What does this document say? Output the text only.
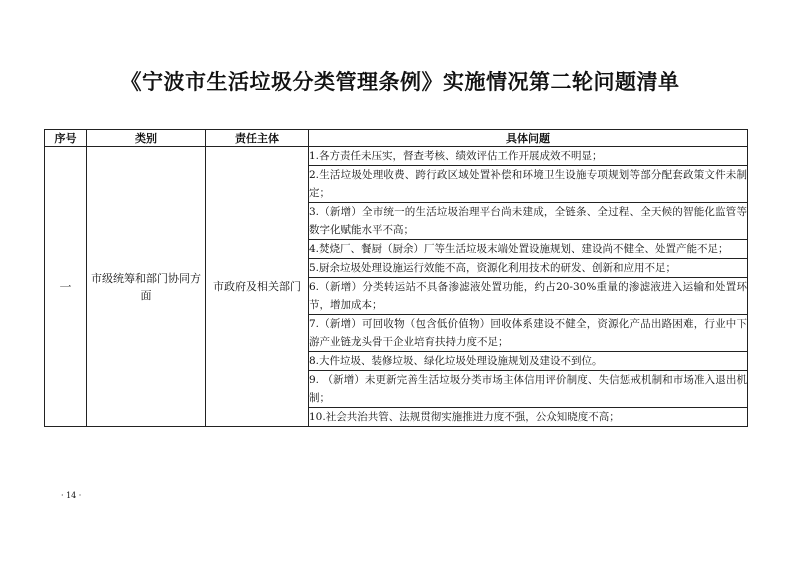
《宁波市生活垃圾分类管理条例》实施情况第二轮问题清单
序号	类别	责任主体	具体问题
一	市级统筹和部门协同方面	市政府及相关部门	1.各方责任未压实，督查考核、绩效评估工作开展成效不明显；
			2.生活垃圾处理收费、跨行政区域处置补偿和环境卫生设施专项规划等部分配套政策文件未制定；
			3.（新增）全市统一的生活垃圾治理平台尚未建成，全链条、全过程、全天候的智能化监管等数字化赋能水平不高；
			4.焚烧厂、餐厨（厨余）厂等生活垃圾末端处置设施规划、建设尚不健全、处置产能不足；
			5.厨余垃圾处理设施运行效能不高，资源化利用技术的研发、创新和应用不足；
			6.（新增）分类转运站不具备渗滤液处置功能，约占20-30%重量的渗滤液进入运输和处置环节，增加成本；
			7.（新增）可回收物（包含低价值物）回收体系建设不健全，资源化产品出路困难，行业中下游产业链龙头骨干企业培育扶持力度不足；
			8.大件垃圾、装修垃圾、绿化垃圾处理设施规划及建设不到位。
			9. （新增）未更新完善生活垃圾分类市场主体信用评价制度、失信惩戒机制和市场准入退出机制；
			10.社会共治共管、法规贯彻实施推进力度不强，公众知晓度不高；
· 14 ·
